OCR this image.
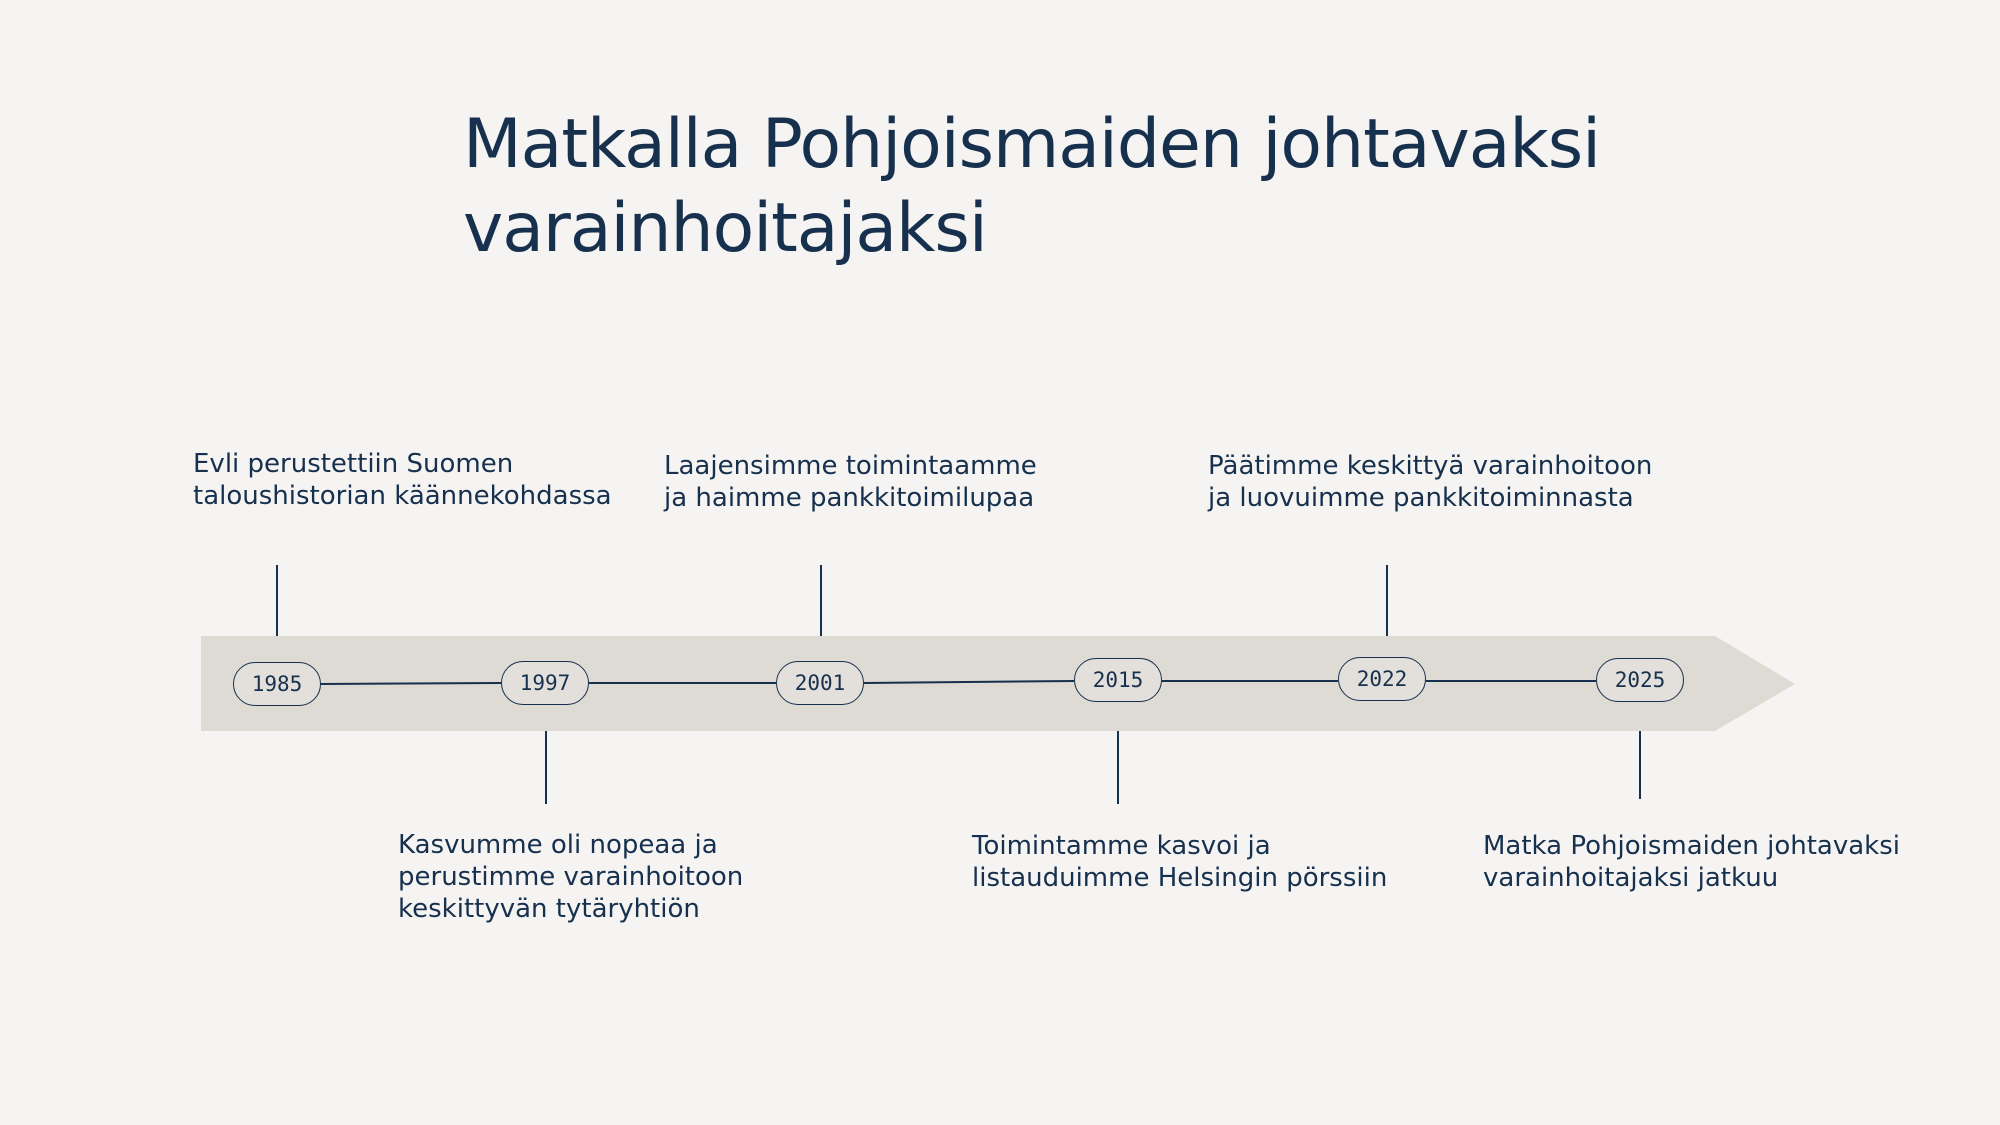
Matkalla Pohjoismaiden johtavaksi
varainhoitajaksi
1985	1997	2001	2015	2022	2025
Evli perustettiin Suomen
taloushistorian käännekohdassa
Laajensimme toimintaamme
ja haimme pankkitoimilupaa
Päätimme keskittyä varainhoitoon
ja luovuimme pankkitoiminnasta
Kasvumme oli nopeaa ja
perustimme varainhoitoon
keskittyvän tytäryhtiön
Toimintamme kasvoi ja
listauduimme Helsingin pörssiin
Matka Pohjoismaiden johtavaksi
varainhoitajaksi jatkuu
